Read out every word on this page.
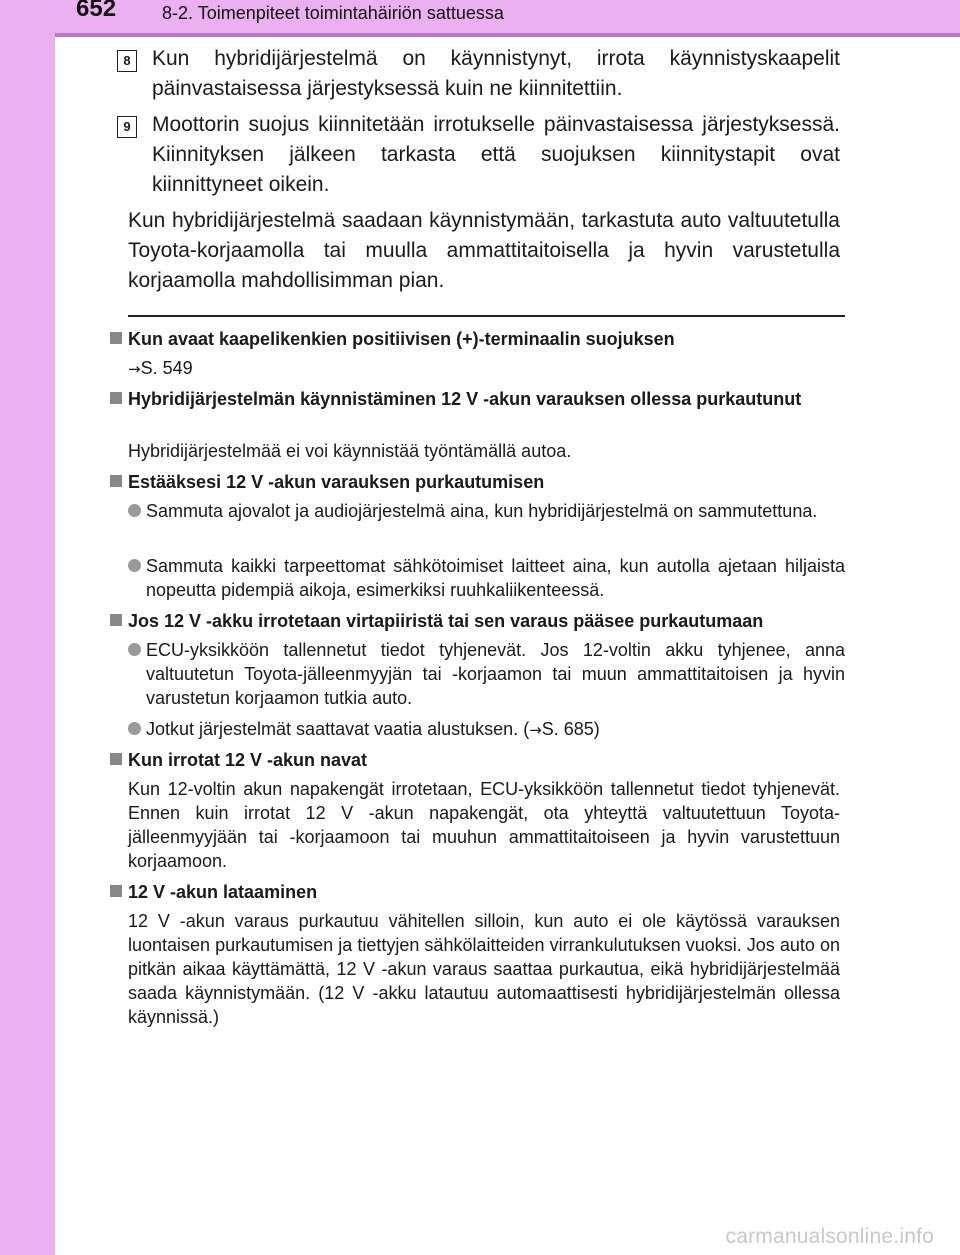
652	8-2. Toimenpiteet toimintahäiriön sattuessa
8	Kun hybridijärjestelmä on käynnistynyt, irrota käynnistyskaapelit päinvastaisessa järjestyksessä kuin ne kiinnitettiin.
9	Moottorin suojus kiinnitetään irrotukselle päinvastaisessa järjestyksessä. Kiinnityksen jälkeen tarkasta että suojuksen kiinnitystapit ovat kiinnittyneet oikein.
Kun hybridijärjestelmä saadaan käynnistymään, tarkastuta auto valtuutetulla Toyota-korjaamolla tai muulla ammattitaitoisella ja hyvin varustetulla korjaamolla mahdollisimman pian.
Kun avaat kaapelikenkien positiivisen (+)-terminaalin suojuksen
→S. 549
Hybridijärjestelmän käynnistäminen 12 V -akun varauksen ollessa purkautunut
Hybridijärjestelmää ei voi käynnistää työntämällä autoa.
Estääksesi 12 V -akun varauksen purkautumisen
Sammuta ajovalot ja audiojärjestelmä aina, kun hybridijärjestelmä on sammutettuna.
Sammuta kaikki tarpeettomat sähkötoimiset laitteet aina, kun autolla ajetaan hiljaista nopeutta pidempiä aikoja, esimerkiksi ruuhkaliikenteessä.
Jos 12 V -akku irrotetaan virtapiiristä tai sen varaus pääsee purkautumaan
ECU-yksikköön tallennetut tiedot tyhjenevät. Jos 12-voltin akku tyhjenee, anna valtuutetun Toyota-jälleenmyyjän tai -korjaamon tai muun ammattitaitoisen ja hyvin varustetun korjaamon tutkia auto.
Jotkut järjestelmät saattavat vaatia alustuksen. (→S. 685)
Kun irrotat 12 V -akun navat
Kun 12-voltin akun napakengät irrotetaan, ECU-yksikköön tallennetut tiedot tyhjenevät. Ennen kuin irrotat 12 V -akun napakengät, ota yhteyttä valtuutettuun Toyota-jälleenmyyjään tai -korjaamoon tai muuhun ammattitaitoiseen ja hyvin varustettuun korjaamoon.
12 V -akun lataaminen
12 V -akun varaus purkautuu vähitellen silloin, kun auto ei ole käytössä varauksen luontaisen purkautumisen ja tiettyjen sähkölaitteiden virrankulutuksen vuoksi. Jos auto on pitkän aikaa käyttämättä, 12 V -akun varaus saattaa purkautua, eikä hybridijärjestelmää saada käynnistymään. (12 V -akku latautuu automaattisesti hybridijärjestelmän ollessa käynnissä.)
carmanualsonline.info
